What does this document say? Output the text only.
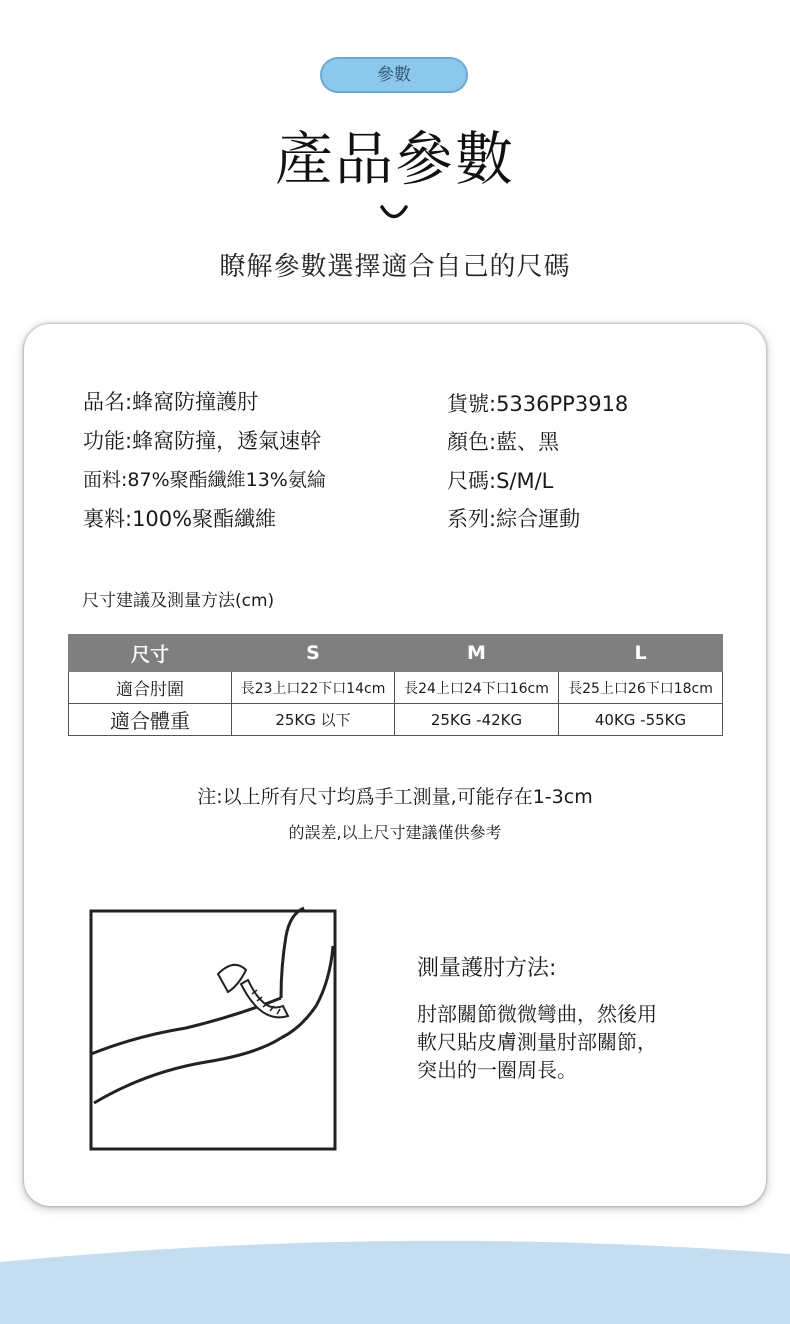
參數
產品參數
瞭解參數選擇適合自己的尺碼
品名:蜂窩防撞護肘
功能:蜂窩防撞，透氣速幹
面料:87%聚酯纖維13%氨綸
裏料:100%聚酯纖維
貨號:5336PP3918
顏色:藍、黑
尺碼:S/M/L
系列:綜合運動
尺寸建議及測量方法(cm)
尺寸	S	M	L
適合肘圍	長23上口22下口14cm	長24上口24下口16cm	長25上口26下口18cm
適合體重	25KG 以下	25KG -42KG	40KG -55KG
注:以上所有尺寸均爲手工測量,可能存在1-3cm
的誤差,以上尺寸建議僅供參考
測量護肘方法:
肘部關節微微彎曲，然後用
軟尺貼皮膚測量肘部關節，
突出的一圈周長。
